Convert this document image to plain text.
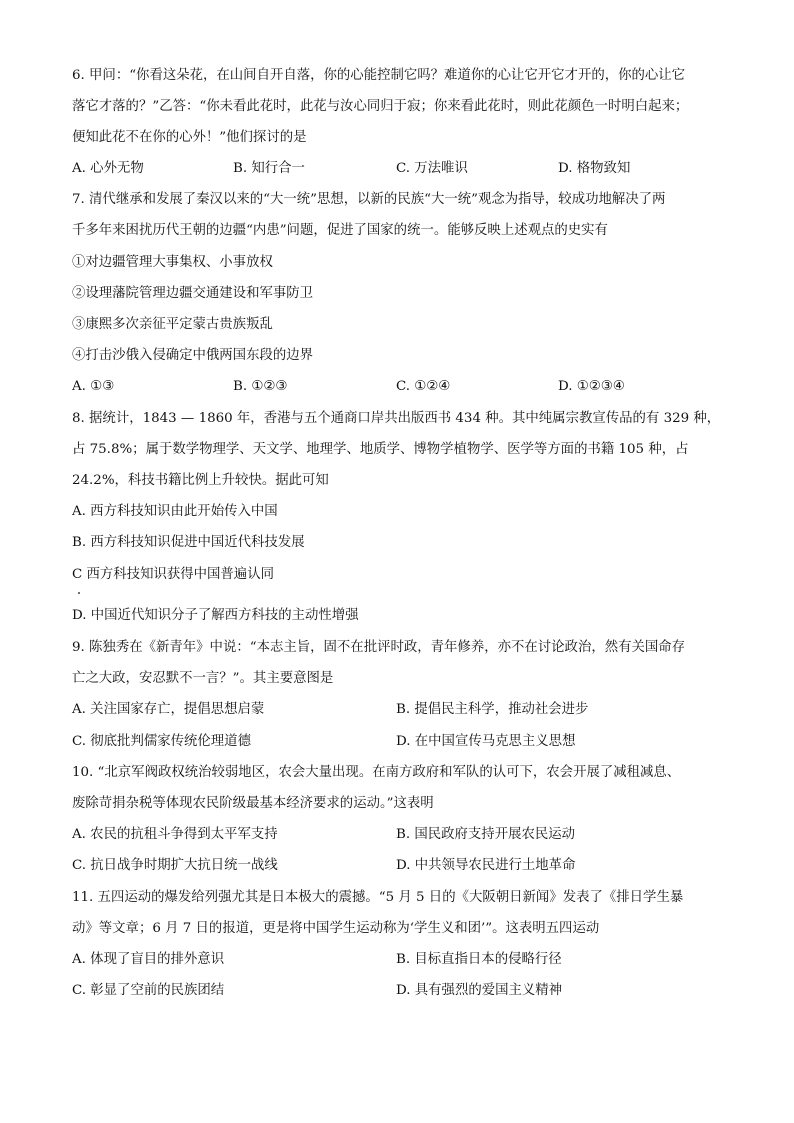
6. 甲问：“你看这朵花，在山间自开自落，你的心能控制它吗？难道你的心让它开它才开的，你的心让它
落它才落的？”乙答：“你未看此花时，此花与汝心同归于寂；你来看此花时，则此花颜色一时明白起来；
便知此花不在你的心外！”他们探讨的是
A. 心外无物	B. 知行合一	C. 万法唯识	D. 格物致知
7. 清代继承和发展了秦汉以来的“大一统”思想，以新的民族“大一统”观念为指导，较成功地解决了两
千多年来困扰历代王朝的边疆“内患”问题，促进了国家的统一。能够反映上述观点的史实有
①对边疆管理大事集权、小事放权
②设理藩院管理边疆交通建设和军事防卫
③康熙多次亲征平定蒙古贵族叛乱
④打击沙俄入侵确定中俄两国东段的边界
A. ①③	B. ①②③	C. ①②④	D. ①②③④
8. 据统计，1843 — 1860 年，香港与五个通商口岸共出版西书 434 种。其中纯属宗教宣传品的有 329 种，
占 75.8%；属于数学物理学、天文学、地理学、地质学、博物学植物学、医学等方面的书籍 105 种，占
24.2%，科技书籍比例上升较快。据此可知
A. 西方科技知识由此开始传入中国
B. 西方科技知识促进中国近代科技发展
C 西方科技知识获得中国普遍认同
D. 中国近代知识分子了解西方科技的主动性增强
9. 陈独秀在《新青年》中说：“本志主旨，固不在批评时政，青年修养，亦不在讨论政治，然有关国命存
亡之大政，安忍默不一言？”。其主要意图是
A. 关注国家存亡，提倡思想启蒙	B. 提倡民主科学，推动社会进步
C. 彻底批判儒家传统伦理道德	D. 在中国宣传马克思主义思想
10. “北京军阀政权统治较弱地区，农会大量出现。在南方政府和军队的认可下，农会开展了减租减息、
废除苛捐杂税等体现农民阶级最基本经济要求的运动。”这表明
A. 农民的抗租斗争得到太平军支持	B. 国民政府支持开展农民运动
C. 抗日战争时期扩大抗日统一战线	D. 中共领导农民进行土地革命
11. 五四运动的爆发给列强尤其是日本极大的震撼。“5 月 5 日的《大阪朝日新闻》发表了《排日学生暴
动》等文章；6 月 7 日的报道，更是将中国学生运动称为‘学生义和团’”。这表明五四运动
A. 体现了盲目的排外意识	B. 目标直指日本的侵略行径
C. 彰显了空前的民族团结	D. 具有强烈的爱国主义精神
